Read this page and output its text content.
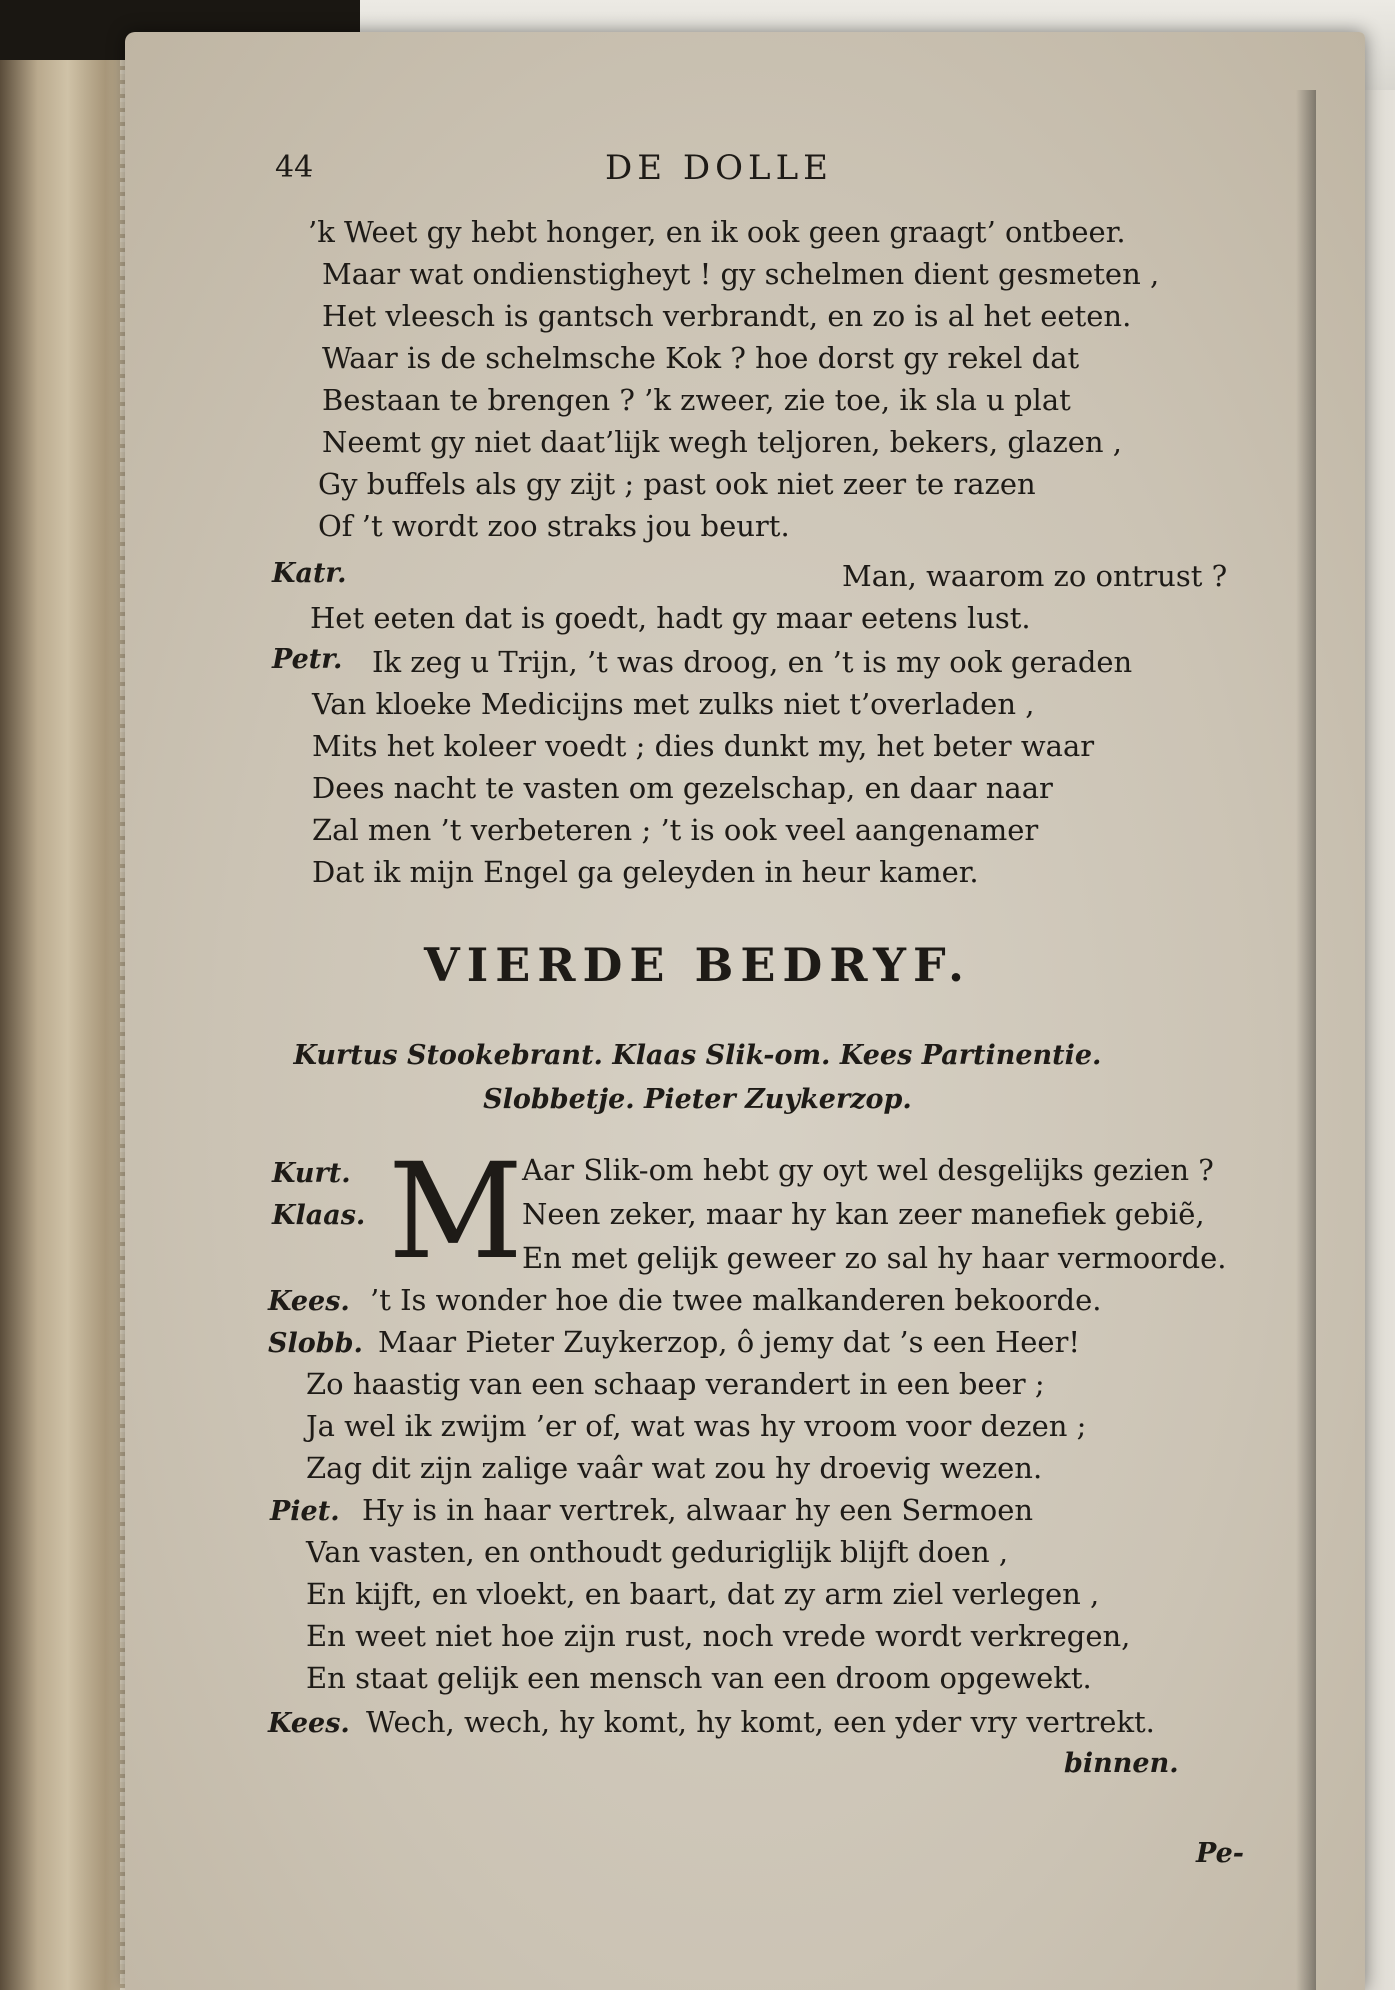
44	DE DOLLE
’k Weet gy hebt honger, en ik ook geen graagt’ ontbeer.
Maar wat ondienstigheyt ! gy schelmen dient gesmeten ,
Het vleesch is gantsch verbrandt, en zo is al het eeten.
Waar is de schelmsche Kok ? hoe dorst gy rekel dat
Bestaan te brengen ? ’k zweer, zie toe, ik sla u plat
Neemt gy niet daat’lijk wegh teljoren, bekers, glazen ,
Gy buffels als gy zijt ; past ook niet zeer te razen
Of ’t wordt zoo straks jou beurt.
Katr.	Man, waarom zo ontrust ?
Het eeten dat is goedt, hadt gy maar eetens lust.
Petr. Ik zeg u Trijn, ’t was droog, en ’t is my ook geraden
Van kloeke Medicijns met zulks niet t’overladen ,
Mits het koleer voedt ; dies dunkt my, het beter waar
Dees nacht te vasten om gezelschap, en daar naar
Zal men ’t verbeteren ; ’t is ook veel aangenamer
Dat ik mijn Engel ga geleyden in heur kamer.
VIERDE BEDRYF.
Kurtus Stookebrant. Klaas Slik-om. Kees Partinentie.
Slobbetje. Pieter Zuykerzop.
M
Kurt.	Aar Slik-om hebt gy oyt wel desgelijks gezien ?
Klaas.	Neen zeker, maar hy kan zeer manefiek gebiẽ,
En met gelijk geweer zo sal hy haar vermoorde.
Kees. ’t Is wonder hoe die twee malkanderen bekoorde.
Slobb. Maar Pieter Zuykerzop, ô jemy dat ’s een Heer!
Zo haastig van een schaap verandert in een beer ;
Ja wel ik zwijm ’er of, wat was hy vroom voor dezen ;
Zag dit zijn zalige vaâr wat zou hy droevig wezen.
Piet. Hy is in haar vertrek, alwaar hy een Sermoen
Van vasten, en onthoudt geduriglijk blijft doen ,
En kijft, en vloekt, en baart, dat zy arm ziel verlegen ,
En weet niet hoe zijn rust, noch vrede wordt verkregen,
En staat gelijk een mensch van een droom opgewekt.
Kees. Wech, wech, hy komt, hy komt, een yder vry vertrekt.
binnen.
Pe-
